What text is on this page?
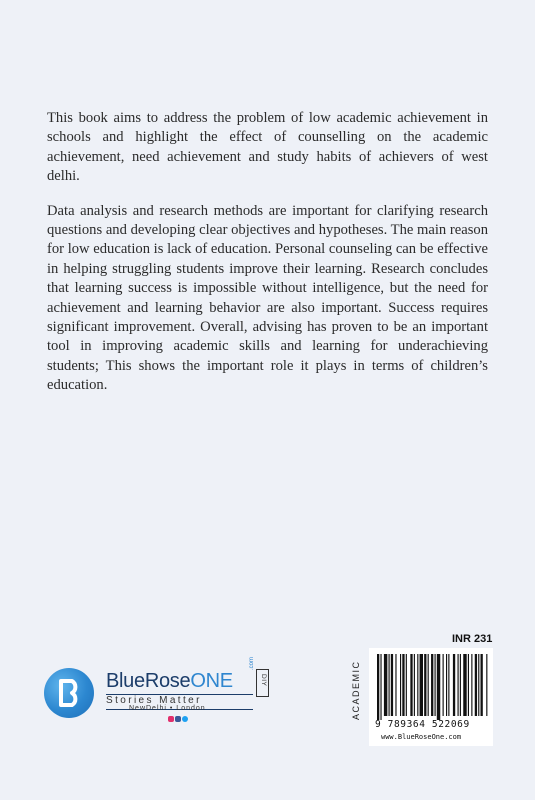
This book aims to address the problem of low academic achievement in schools and highlight the effect of counselling on the academic achievement, need achievement and study habits of achievers of west delhi.

Data analysis and research methods are important for clarifying research questions and developing clear objectives and hypotheses. The main reason for low education is lack of education. Personal counseling can be effective in helping struggling students improve their learning. Research concludes that learning success is impossible without intelligence, but the need for achievement and learning behavior are also important. Success requires significant improvement. Overall, advising has proven to be an important tool in improving academic skills and learning for underachieving students; This shows the important role it plays in terms of children’s education.

BlueRoseONE
.com
Stories Matter
DIY
NewDelhi • London
INR 231
ACADEMIC
9 789364 522069
www.BlueRoseOne.com
